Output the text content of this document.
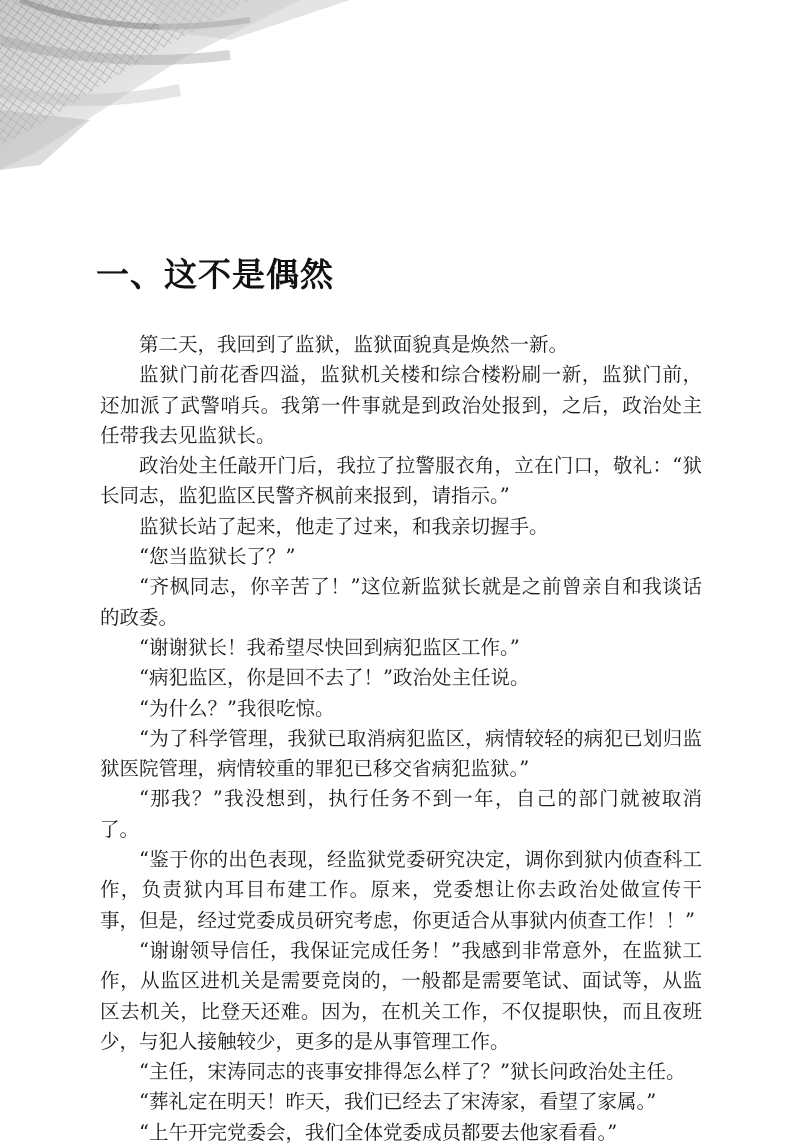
一、这不是偶然

第二天，我回到了监狱，监狱面貌真是焕然一新。

监狱门前花香四溢，监狱机关楼和综合楼粉刷一新，监狱门前，还加派了武警哨兵。我第一件事就是到政治处报到，之后，政治处主任带我去见监狱长。

政治处主任敲开门后，我拉了拉警服衣角，立在门口，敬礼：“狱长同志，监犯监区民警齐枫前来报到，请指示。”

监狱长站了起来，他走了过来，和我亲切握手。

“您当监狱长了？”

“齐枫同志，你辛苦了！”这位新监狱长就是之前曾亲自和我谈话的政委。

“谢谢狱长！我希望尽快回到病犯监区工作。”

“病犯监区，你是回不去了！”政治处主任说。

“为什么？”我很吃惊。

“为了科学管理，我狱已取消病犯监区，病情较轻的病犯已划归监狱医院管理，病情较重的罪犯已移交省病犯监狱。”

“那我？”我没想到，执行任务不到一年，自己的部门就被取消了。

“鉴于你的出色表现，经监狱党委研究决定，调你到狱内侦查科工作，负责狱内耳目布建工作。原来，党委想让你去政治处做宣传干事，但是，经过党委成员研究考虑，你更适合从事狱内侦查工作！！”

“谢谢领导信任，我保证完成任务！”我感到非常意外，在监狱工作，从监区进机关是需要竞岗的，一般都是需要笔试、面试等，从监区去机关，比登天还难。因为，在机关工作，不仅提职快，而且夜班少，与犯人接触较少，更多的是从事管理工作。

“主任，宋涛同志的丧事安排得怎么样了？”狱长问政治处主任。

“葬礼定在明天！昨天，我们已经去了宋涛家，看望了家属。”

“上午开完党委会，我们全体党委成员都要去他家看看。”
